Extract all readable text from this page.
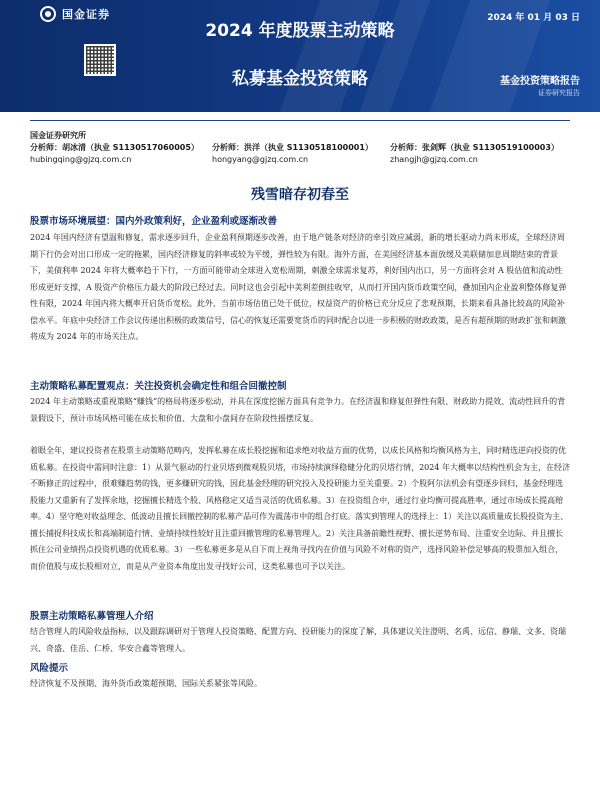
国金证券	2024 年 01 月 03 日
2024 年度股票主动策略
私募基金投资策略	基金投资策略报告
证券研究报告
国金证券研究所
分析师：胡冰清（执业 S1130517060005）
hubingqing@gjzq.com.cn
分析师：洪洋（执业 S1130518100001）
hongyang@gjzq.com.cn
分析师：张剑辉（执业 S1130519100003）
zhangjh@gjzq.com.cn
残雪暗存初春至
股票市场环境展望：国内外政策利好，企业盈利或逐渐改善
2024 年国内经济有望温和修复，需求逐步回升，企业盈利预期逐步改善，由于地产链条对经济的牵引效应减弱，新的增长驱动力尚未形成，全球经济周期下行仍会对出口形成一定的拖累，国内经济修复的斜率或较为平缓，弹性较为有限。海外方面，在美国经济基本面放缓及美联储加息周期结束的背景下，美债利率 2024 年将大概率趋于下行，一方面可能带动全球进入宽松周期，刺激全球需求复苏，利好国内出口，另一方面将会对 A 股估值和流动性形成更好支撑，A 股资产价格压力最大的阶段已经过去。同时这也会引起中美利差倒挂收窄，从而打开国内货币政策空间，叠加国内企业盈利整体修复弹性有限，2024 年国内将大概率开启货币宽松。此外，当前市场估值已处于低位，权益资产的价格已充分反应了悲观预期，长期来看具备比较高的风险补偿水平。年底中央经济工作会议传递出积极的政策信号，信心的恢复还需要宽货币的同时配合以进一步积极的财政政策，是否有超预期的财政扩张和刺激将成为 2024 年的市场关注点。
主动策略私募配置观点：关注投资机会确定性和组合回撤控制
2024 年主动策略或重视策略“赚钱”的格局将逐步松动，并具在深度挖掘方面具有竞争力。在经济温和修复但弹性有限、财政助力提效、流动性回升的背景假设下，预计市场风格可能在成长和价值、大盘和小盘间存在阶段性摇摆反复。
着眼全年，建议投资者在股票主动策略范畴内，发挥私募在成长股挖掘和追求绝对收益方面的优势，以成长风格和均衡风格为主，同时精选逆向投资的优质私募。在投资中需同时注意：1）从景气驱动的行业贝塔到微观股贝塔，市场持续演绎稳健分化的贝塔行情，2024 年大概率以结构性机会为主，在经济不断修正的过程中，很难赚趋势的钱，更多赚研究的钱，因此基金经理的研究投入及投研能力至关重要。2）个股阿尔法机会有望逐步回归，基金经理选股能力又重新有了发挥余地，挖掘擅长精选个股、风格稳定又适当灵活的优质私募。3）在投资组合中，通过行业均衡可提高胜率，通过市场成长提高赔率。4）坚守绝对收益理念、低波动且擅长回撤控制的私募产品可作为震荡市中的组合打底。落实到管理人的选择上：1）关注以高质量成长股投资为主、擅长捕捉科技成长和高端制造行情、业绩持续性较好且注重回撤管理的私募管理人。2）关注具备前瞻性视野、擅长逆势布局、注重安全边际、并且擅长抓住公司业绩拐点投资机遇的优质私募。3）一些私募更多是从自下而上视角寻找内在价值与风险不对称的资产，选择风险补偿足够高的股票加入组合，而价值股与成长股相对立，而是从产业资本角度出发寻找好公司，这类私募也可予以关注。
股票主动策略私募管理人介绍
结合管理人的风险收益指标，以及跟踪调研对于管理人投资策略、配置方向、投研能力的深度了解，具体建议关注澄明、名禹、远信、静瑞、文多、资瑞兴、奇盛、佳岳、仁桥、华安合鑫等管理人。
风险提示
经济恢复不及预期、海外货币政策超预期、国际关系紧张等风险。
